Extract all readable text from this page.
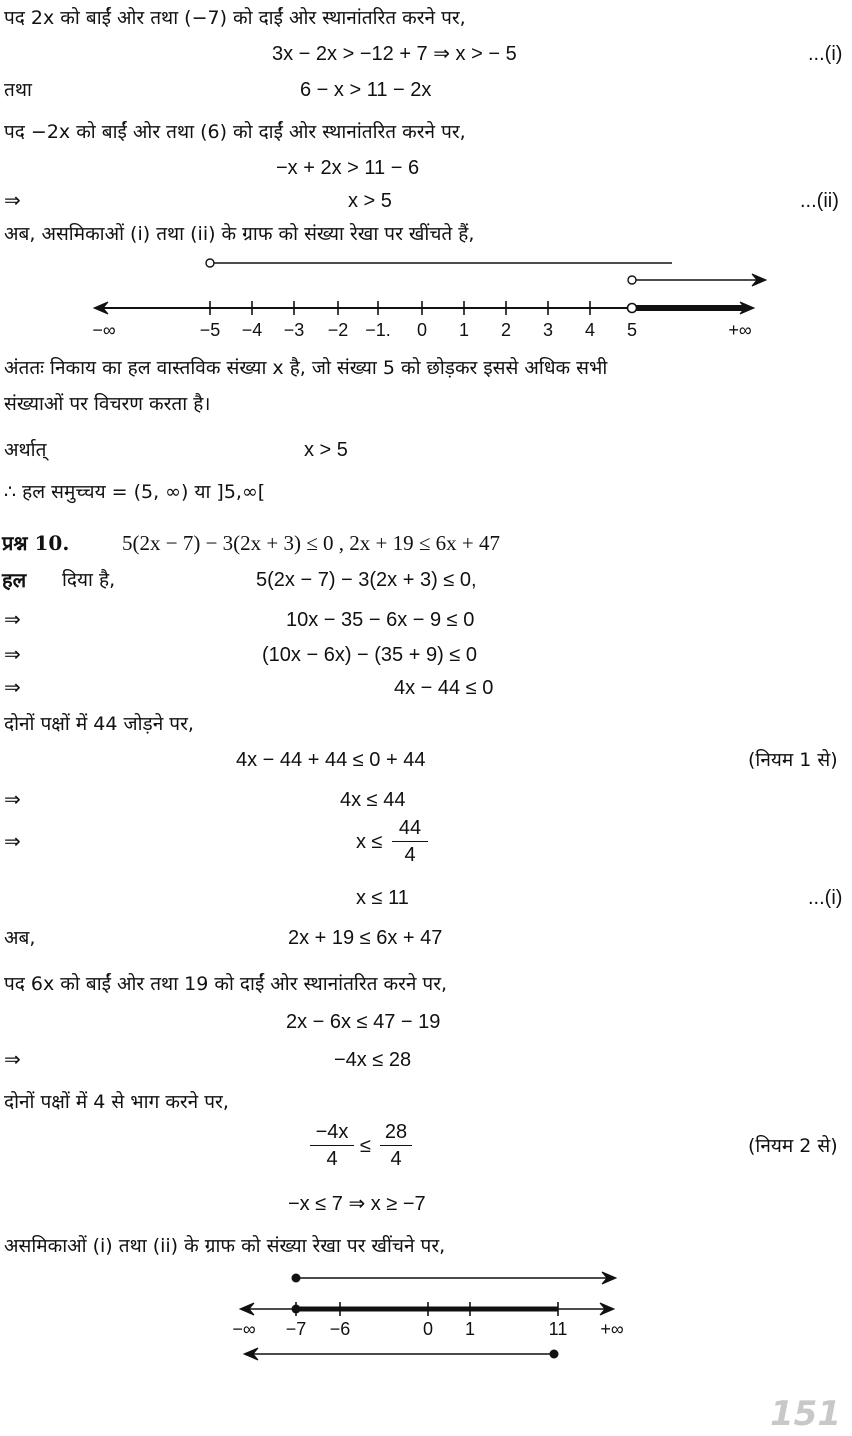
पद 2x को बाईं ओर तथा (−7) को दाईं ओर स्थानांतरित करने पर,
3x − 2x > −12 + 7 ⇒ x > − 5	...(i)
तथा	6 − x > 11 − 2x
पद −2x को बाईं ओर तथा (6) को दाईं ओर स्थानांतरित करने पर,
−x + 2x > 11 − 6
⇒	x > 5	...(ii)
अब, असमिकाओं (i) तथा (ii) के ग्राफ को संख्या रेखा पर खींचते हैं,
−∞	−5 −4 −3 −2 −1. 0 1 2 3 4 5	+∞
अंततः निकाय का हल वास्तविक संख्या x है, जो संख्या 5 को छोड़कर इससे अधिक सभी
संख्याओं पर विचरण करता है।
अर्थात्	x > 5
∴ हल समुच्चय = (5, ∞) या ]5,∞[
प्रश्न 10.	5(2x − 7) − 3(2x + 3) ≤ 0 , 2x + 19 ≤ 6x + 47
हल दिया है,	5(2x − 7) − 3(2x + 3) ≤ 0,
⇒	10x − 35 − 6x − 9 ≤ 0
⇒	(10x − 6x) − (35 + 9) ≤ 0
⇒	4x − 44 ≤ 0
दोनों पक्षों में 44 जोड़ने पर,
4x − 44 + 44 ≤ 0 + 44	(नियम 1 से)
⇒	4x ≤ 44
⇒	x ≤
44
4
x ≤ 11	...(i)
अब,	2x + 19 ≤ 6x + 47
पद 6x को बाईं ओर तथा 19 को दाईं ओर स्थानांतरित करने पर,
2x − 6x ≤ 47 − 19
⇒	−4x ≤ 28
दोनों पक्षों में 4 से भाग करने पर,
−4x
4
≤
28
4
(नियम 2 से)
−x ≤ 7 ⇒ x ≥ −7
असमिकाओं (i) तथा (ii) के ग्राफ को संख्या रेखा पर खींचने पर,
−∞ −7 −6	0 1	11 +∞
151
